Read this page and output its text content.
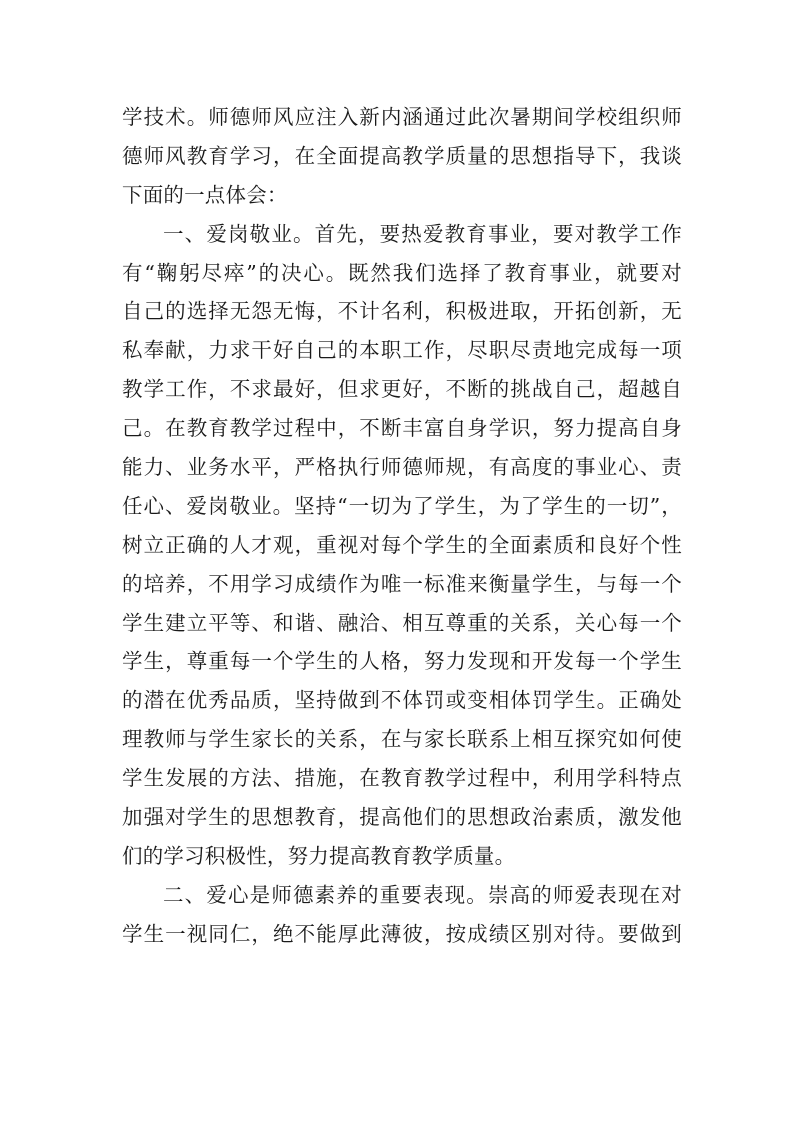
学技术。师德师风应注入新内涵通过此次暑期间学校组织师
德师风教育学习，在全面提高教学质量的思想指导下，我谈
下面的一点体会：
一、爱岗敬业。首先，要热爱教育事业，要对教学工作
有“鞠躬尽瘁”的决心。既然我们选择了教育事业，就要对
自己的选择无怨无悔，不计名利，积极进取，开拓创新，无
私奉献，力求干好自己的本职工作，尽职尽责地完成每一项
教学工作，不求最好，但求更好，不断的挑战自己，超越自
己。在教育教学过程中，不断丰富自身学识，努力提高自身
能力、业务水平，严格执行师德师规，有高度的事业心、责
任心、爱岗敬业。坚持“一切为了学生，为了学生的一切”，
树立正确的人才观，重视对每个学生的全面素质和良好个性
的培养，不用学习成绩作为唯一标准来衡量学生，与每一个
学生建立平等、和谐、融洽、相互尊重的关系，关心每一个
学生，尊重每一个学生的人格，努力发现和开发每一个学生
的潜在优秀品质，坚持做到不体罚或变相体罚学生。正确处
理教师与学生家长的关系，在与家长联系上相互探究如何使
学生发展的方法、措施，在教育教学过程中，利用学科特点
加强对学生的思想教育，提高他们的思想政治素质，激发他
们的学习积极性，努力提高教育教学质量。
二、爱心是师德素养的重要表现。崇高的师爱表现在对
学生一视同仁，绝不能厚此薄彼，按成绩区别对待。要做到
